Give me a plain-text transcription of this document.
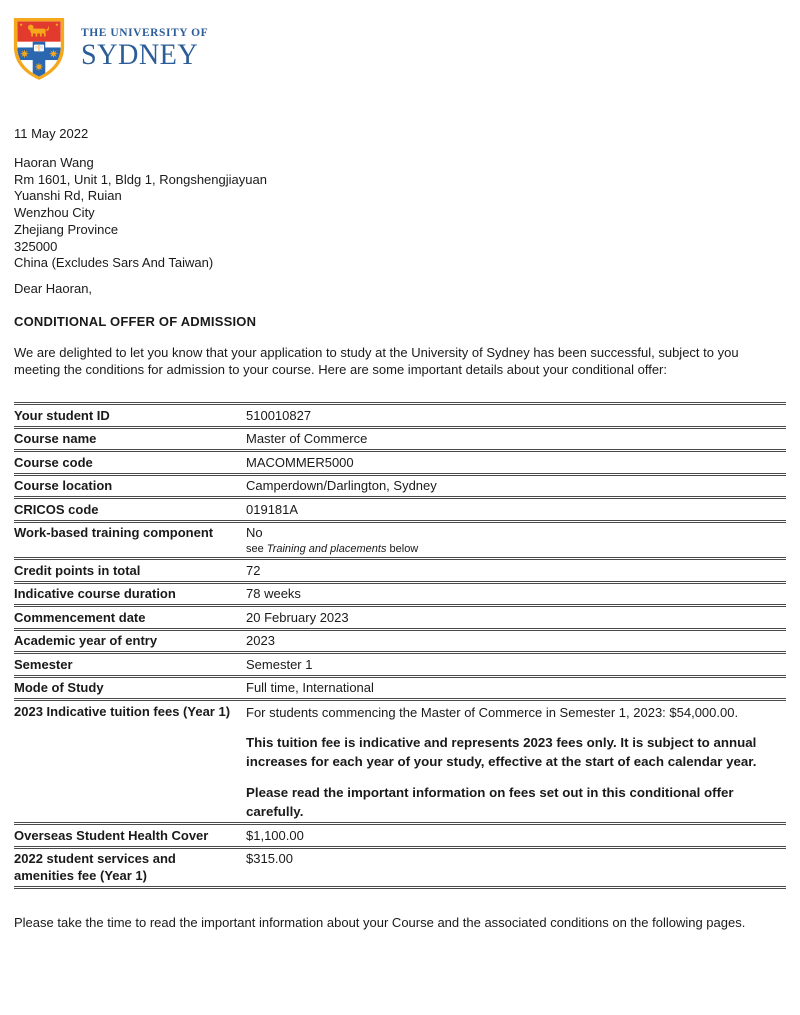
THE UNIVERSITY OF
SYDNEY
11 May 2022
Haoran Wang
Rm 1601, Unit 1, Bldg 1, Rongshengjiayuan
Yuanshi Rd, Ruian
Wenzhou City
Zhejiang Province
325000
China (Excludes Sars And Taiwan)
Dear Haoran,
CONDITIONAL OFFER OF ADMISSION
We are delighted to let you know that your application to study at the University of Sydney has been successful, subject to you meeting the conditions for admission to your course. Here are some important details about your conditional offer:
Your student ID	510010827
Course name	Master of Commerce
Course code	MACOMMER5000
Course location	Camperdown/Darlington, Sydney
CRICOS code	019181A
Work-based training component	No
see Training and placements below

Credit points in total	72
Indicative course duration	78 weeks
Commencement date	20 February 2023
Academic year of entry	2023
Semester	Semester 1
Mode of Study	Full time, International
2023 Indicative tuition fees (Year 1)	For students commencing the Master of Commerce in Semester 1, 2023: $54,000.00.

This tuition fee is indicative and represents 2023 fees only. It is subject to annual increases for each year of your study, effective at the start of each calendar year.

Please read the important information on fees set out in this conditional offer carefully.

Overseas Student Health Cover	$1,100.00
2022 student services and amenities fee (Year 1)	$315.00
Please take the time to read the important information about your Course and the associated conditions on the following pages.
